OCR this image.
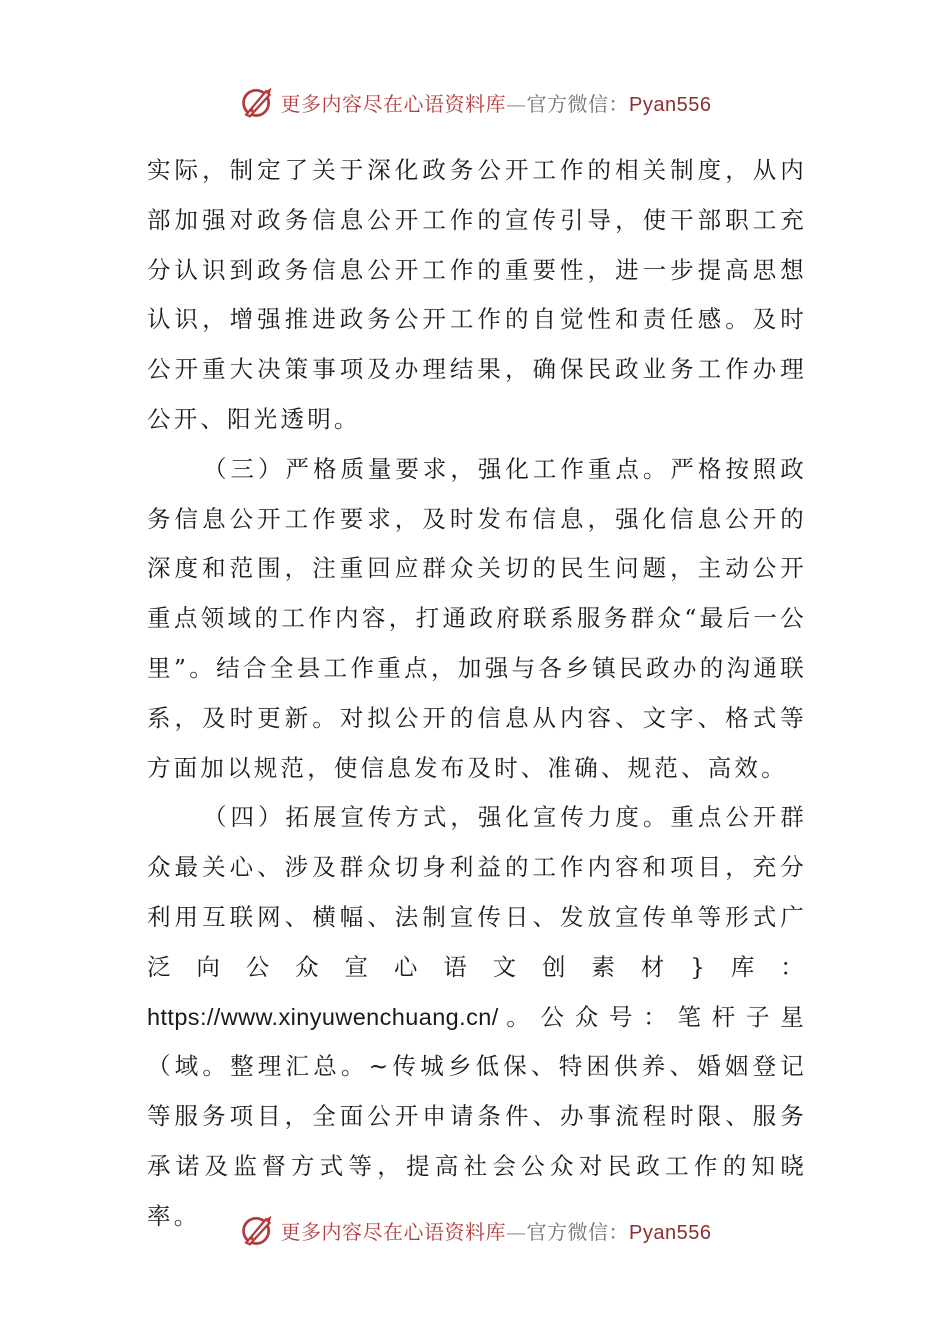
更多内容尽在心语资料库—官方微信：Pyan556

实际，制定了关于深化政务公开工作的相关制度，从内部加强对政务信息公开工作的宣传引导，使干部职工充分认识到政务信息公开工作的重要性，进一步提高思想认识，增强推进政务公开工作的自觉性和责任感。及时公开重大决策事项及办理结果，确保民政业务工作办理公开、阳光透明。

（三）严格质量要求，强化工作重点。严格按照政务信息公开工作要求，及时发布信息，强化信息公开的深度和范围，注重回应群众关切的民生问题，主动公开重点领域的工作内容，打通政府联系服务群众“最后一公里”。结合全县工作重点，加强与各乡镇民政办的沟通联系，及时更新。对拟公开的信息从内容、文字、格式等方面加以规范，使信息发布及时、准确、规范、高效。

（四）拓展宣传方式，强化宣传力度。重点公开群众最关心、涉及群众切身利益的工作内容和项目，充分利用互联网、横幅、法制宣传日、发放宣传单等形式广泛向公众宣心语文创素材}库：https://www.xinyuwenchuang.cn/。公众号：笔杆子星（域。整理汇总。~传城乡低保、特困供养、婚姻登记等服务项目，全面公开申请条件、办事流程时限、服务承诺及监督方式等，提高社会公众对民政工作的知晓率。

更多内容尽在心语资料库—官方微信：Pyan556
